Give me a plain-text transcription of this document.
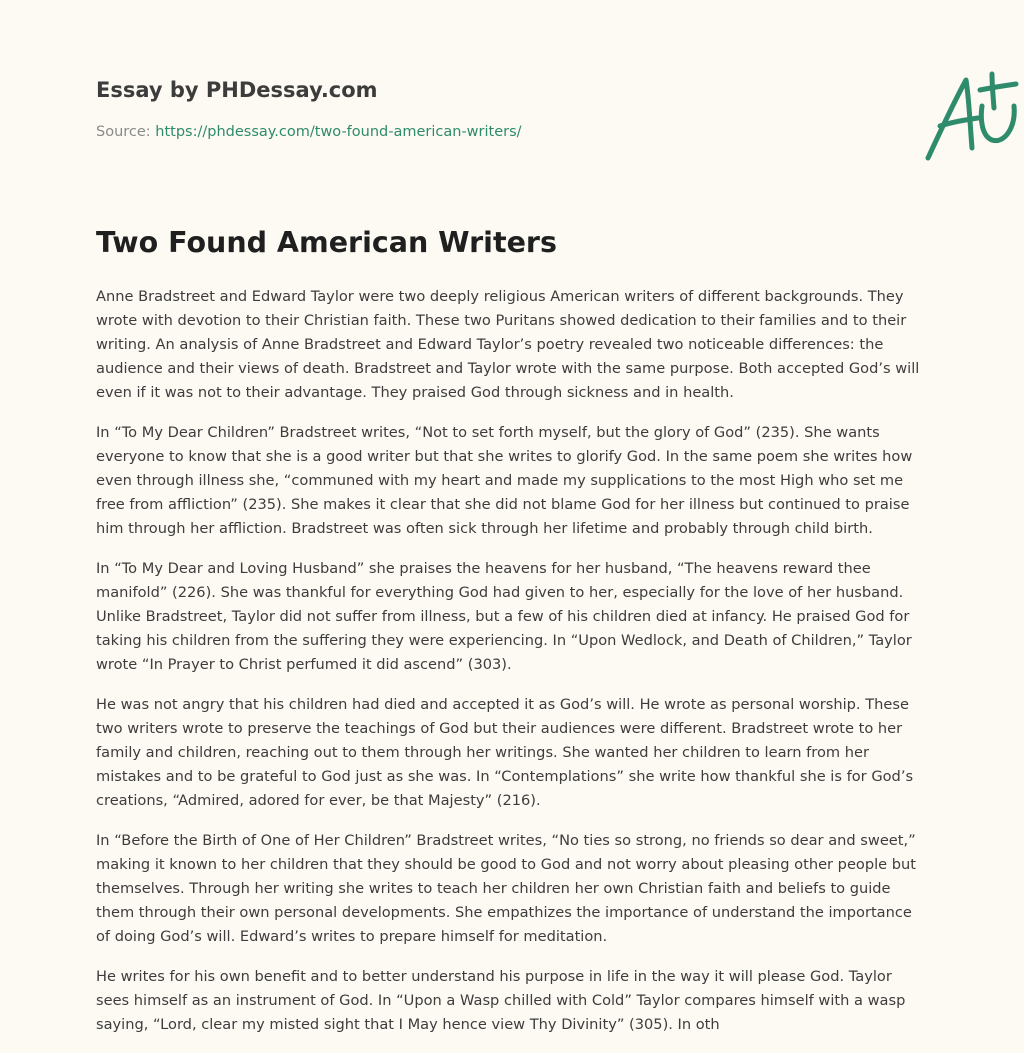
Essay by PHDessay.com
Source: https://phdessay.com/two-found-american-writers/
Two Found American Writers

Anne Bradstreet and Edward Taylor were two deeply religious American writers of different backgrounds. They wrote with devotion to their Christian faith. These two Puritans showed dedication to their families and to their writing. An analysis of Anne Bradstreet and Edward Taylor’s poetry revealed two noticeable differences: the audience and their views of death. Bradstreet and Taylor wrote with the same purpose. Both accepted God’s will even if it was not to their advantage. They praised God through sickness and in health.

In “To My Dear Children” Bradstreet writes, “Not to set forth myself, but the glory of God” (235). She wants everyone to know that she is a good writer but that she writes to glorify God. In the same poem she writes how even through illness she, “communed with my heart and made my supplications to the most High who set me free from affliction” (235). She makes it clear that she did not blame God for her illness but continued to praise him through her affliction. Bradstreet was often sick through her lifetime and probably through child birth.

In “To My Dear and Loving Husband” she praises the heavens for her husband, “The heavens reward thee manifold” (226). She was thankful for everything God had given to her, especially for the love of her husband. Unlike Bradstreet, Taylor did not suffer from illness, but a few of his children died at infancy. He praised God for taking his children from the suffering they were experiencing. In “Upon Wedlock, and Death of Children,” Taylor wrote “In Prayer to Christ perfumed it did ascend” (303).

He was not angry that his children had died and accepted it as God’s will. He wrote as personal worship. These two writers wrote to preserve the teachings of God but their audiences were different. Bradstreet wrote to her family and children, reaching out to them through her writings. She wanted her children to learn from her mistakes and to be grateful to God just as she was. In “Contemplations” she write how thankful she is for God’s creations, “Admired, adored for ever, be that Majesty” (216).

In “Before the Birth of One of Her Children” Bradstreet writes, “No ties so strong, no friends so dear and sweet,” making it known to her children that they should be good to God and not worry about pleasing other people but themselves. Through her writing she writes to teach her children her own Christian faith and beliefs to guide them through their own personal developments. She empathizes the importance of understand the importance of doing God’s will. Edward’s writes to prepare himself for meditation.

He writes for his own benefit and to better understand his purpose in life in the way it will please God. Taylor sees himself as an instrument of God. In “Upon a Wasp chilled with Cold” Taylor compares himself with a wasp saying, “Lord, clear my misted sight that I May hence view Thy Divinity” (305). In oth
